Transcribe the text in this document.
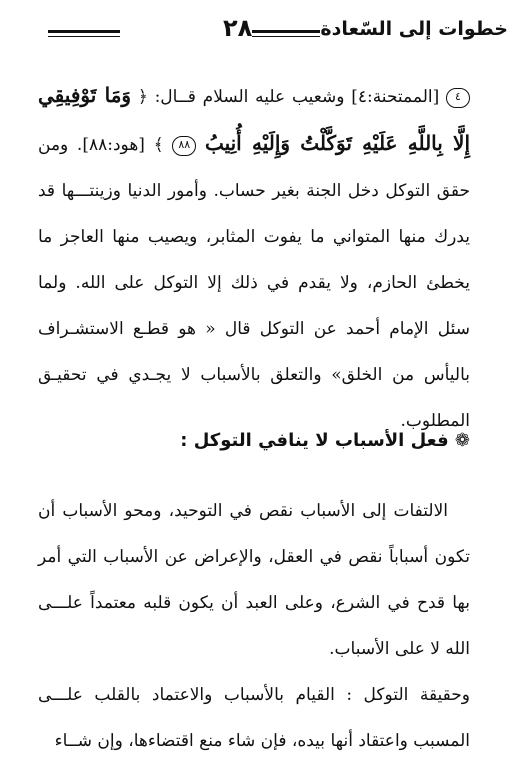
خطوات إلى السّعادة
٢٨

٤ [الممتحنة:٤] وشعيب عليه السلام قــال: ﴿ وَمَا تَوْفِيقِي إِلَّا بِاللَّهِ عَلَيْهِ تَوَكَّلْتُ وَإِلَيْهِ أُنِيبُ ٨٨ ﴾ [هود:٨٨]. ومن حقق التوكل دخل الجنة بغير حساب. وأمور الدنيا وزينتـــها قد يدرك منها المتواني ما يفوت المثابر، ويصيب منها العاجز ما يخطئ الحازم، ولا يقدم في ذلك إلا التوكل على الله. ولما سئل الإمام أحمد عن التوكل قال « هو قطـع الاستشـراف باليأس من الخلق» والتعلق بالأسباب لا يجـدي في تحقيـق المطلوب.

❁ فعل الأسباب لا ينافي التوكل :

الالتفات إلى الأسباب نقص في التوحيد، ومحو الأسباب أن تكون أسباباً نقص في العقل، والإعراض عن الأسباب التي أمر بها قدح في الشرع، وعلى العبد أن يكون قلبه معتمداً علـــى الله لا على الأسباب.

وحقيقة التوكل : القيام بالأسباب والاعتماد بالقلب علـــى المسبب واعتقاد أنها بيده، فإن شاء منع اقتضاءها، وإن شــاء
